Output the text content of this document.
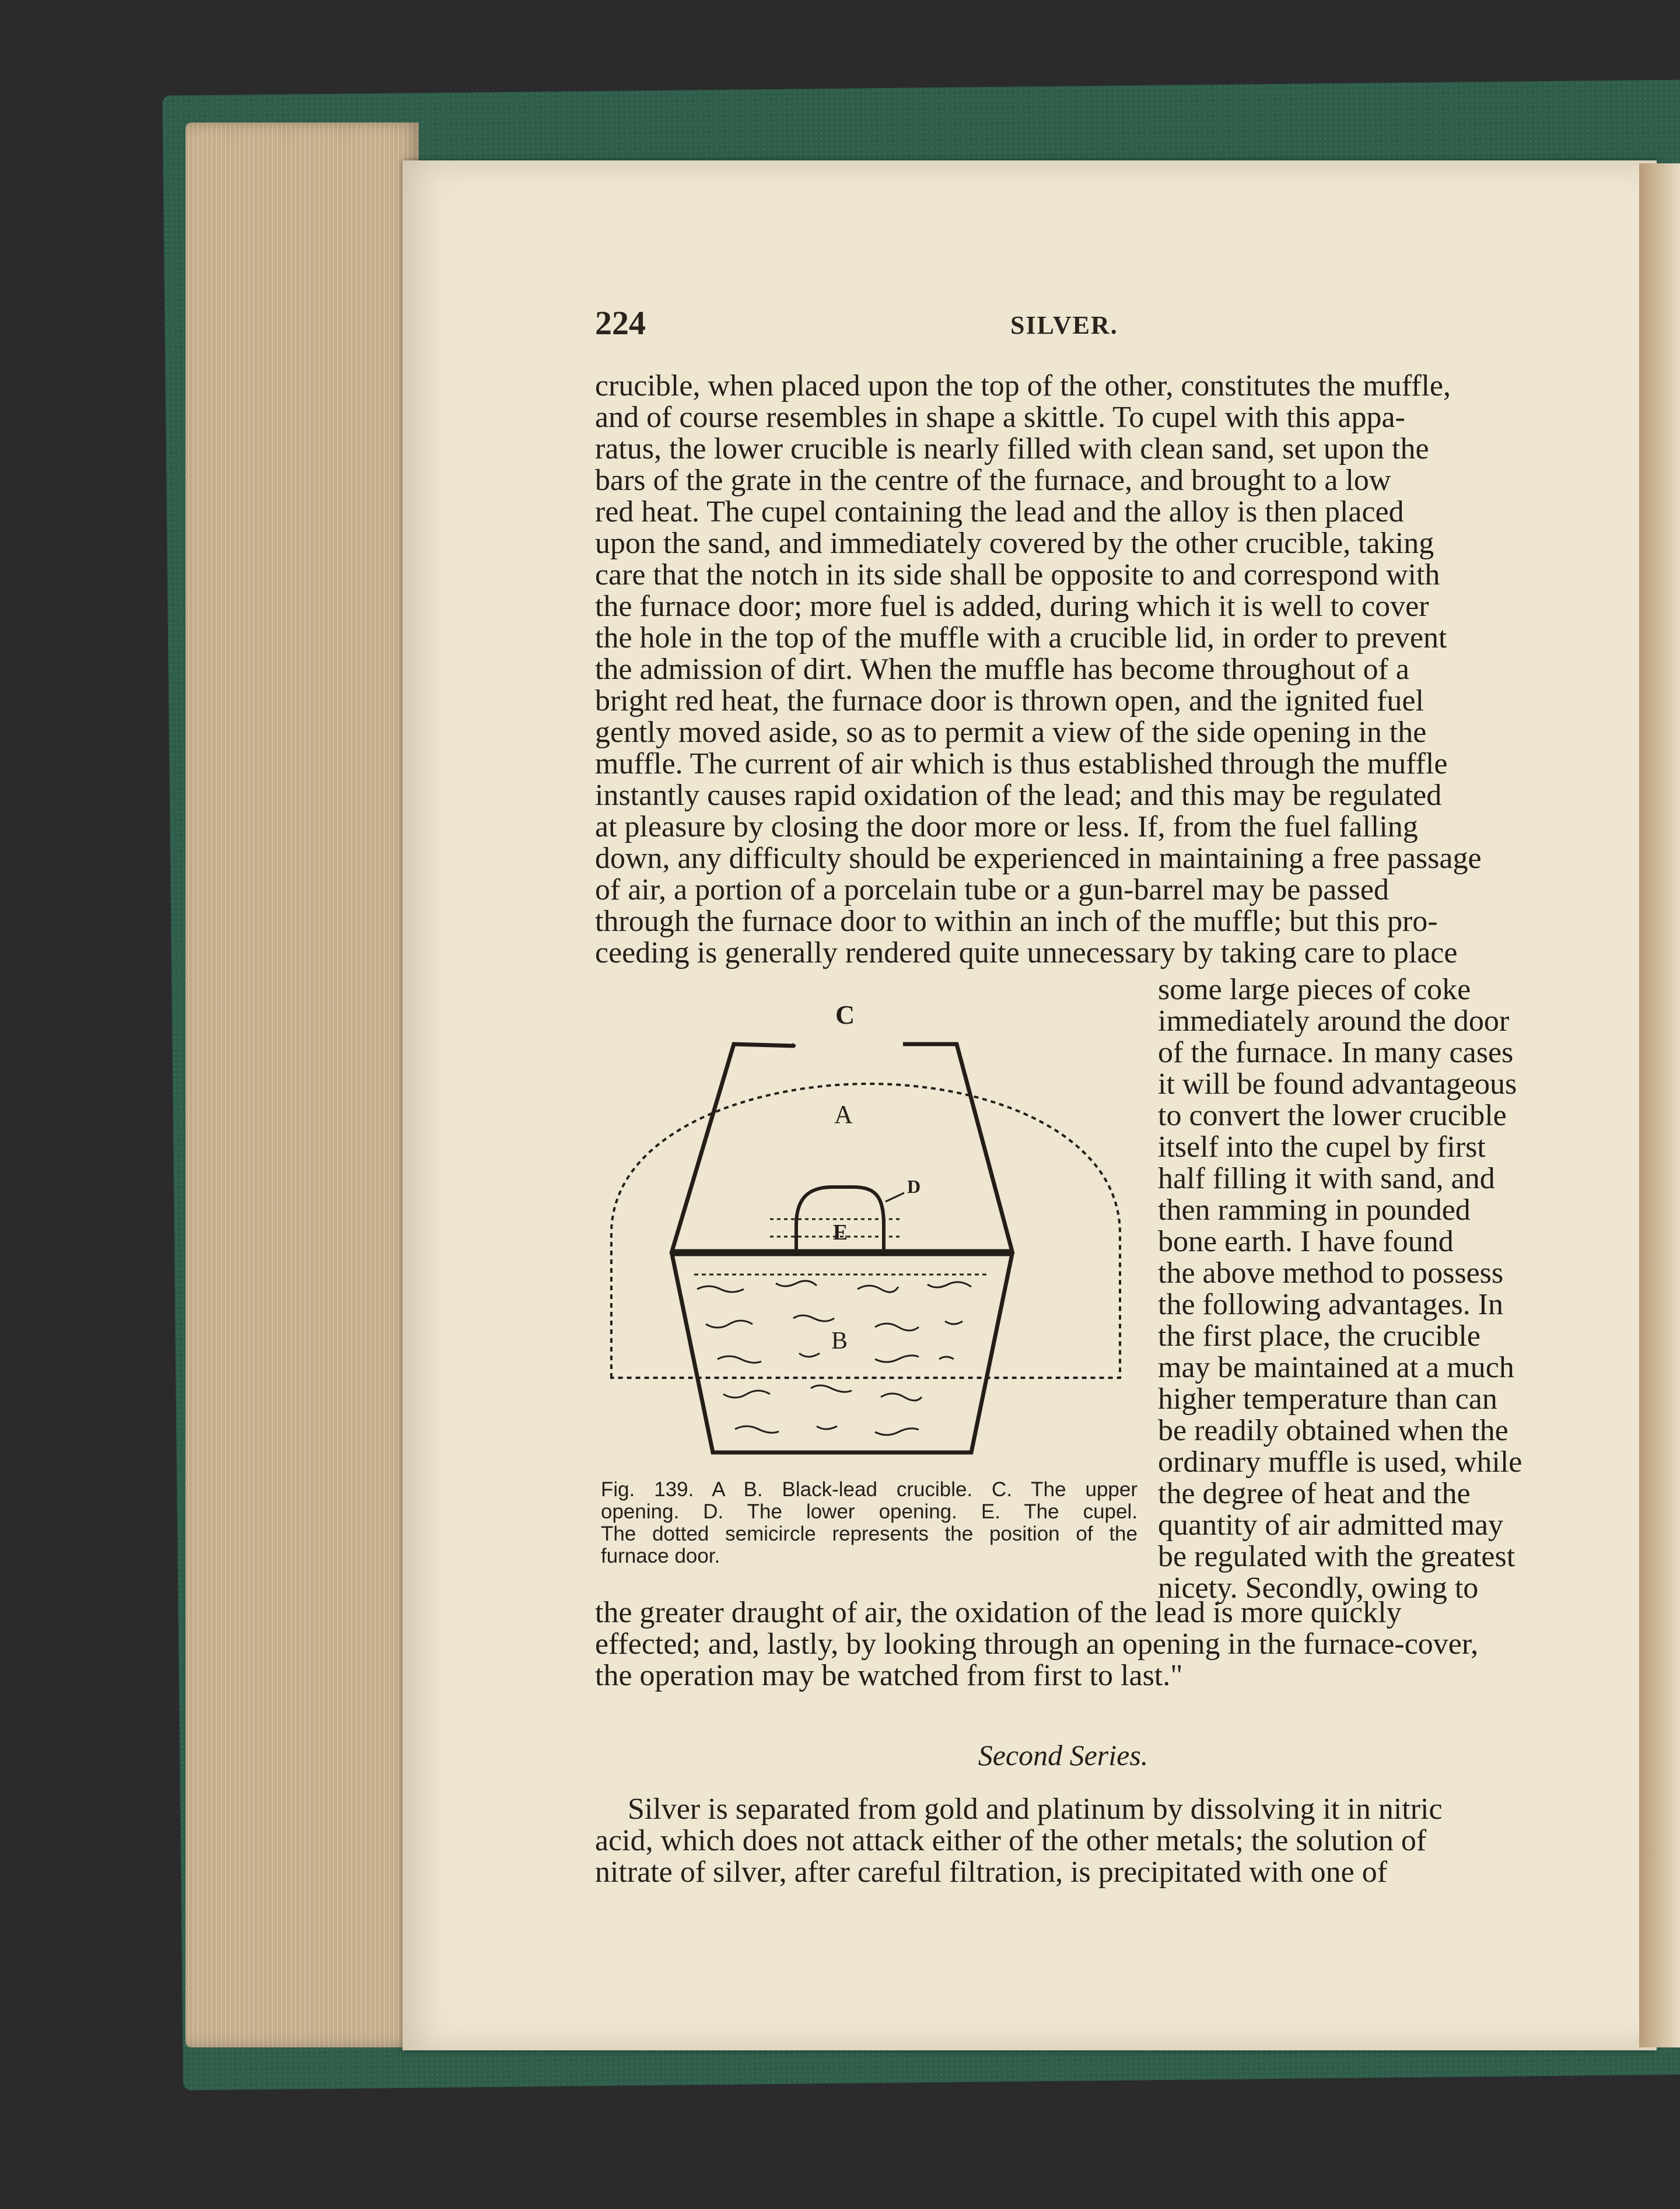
224	SILVER.
crucible, when placed upon the top of the other, constitutes the muffle,
and of course resembles in shape a skittle. To cupel with this appa-
ratus, the lower crucible is nearly filled with clean sand, set upon the
bars of the grate in the centre of the furnace, and brought to a low
red heat. The cupel containing the lead and the alloy is then placed
upon the sand, and immediately covered by the other crucible, taking
care that the notch in its side shall be opposite to and correspond with
the furnace door; more fuel is added, during which it is well to cover
the hole in the top of the muffle with a crucible lid, in order to prevent
the admission of dirt. When the muffle has become throughout of a
bright red heat, the furnace door is thrown open, and the ignited fuel
gently moved aside, so as to permit a view of the side opening in the
muffle. The current of air which is thus established through the muffle
instantly causes rapid oxidation of the lead; and this may be regulated
at pleasure by closing the door more or less. If, from the fuel falling
down, any difficulty should be experienced in maintaining a free passage
of air, a portion of a porcelain tube or a gun-barrel may be passed
through the furnace door to within an inch of the muffle; but this pro-
ceeding is generally rendered quite unnecessary by taking care to place
C
A
D
E
B
Fig. 139. A B. Black-lead crucible. C. The upper
opening. D. The lower opening. E. The cupel.
The dotted semicircle represents the position of the
furnace door.
some large pieces of coke
immediately around the door
of the furnace. In many cases
it will be found advantageous
to convert the lower crucible
itself into the cupel by first
half filling it with sand, and
then ramming in pounded
bone earth. I have found
the above method to possess
the following advantages. In
the first place, the crucible
may be maintained at a much
higher temperature than can
be readily obtained when the
ordinary muffle is used, while
the degree of heat and the
quantity of air admitted may
be regulated with the greatest
nicety. Secondly, owing to
the greater draught of air, the oxidation of the lead is more quickly
effected; and, lastly, by looking through an opening in the furnace-cover,
the operation may be watched from first to last."
Second Series.
Silver is separated from gold and platinum by dissolving it in nitric
acid, which does not attack either of the other metals; the solution of
nitrate of silver, after careful filtration, is precipitated with one of
